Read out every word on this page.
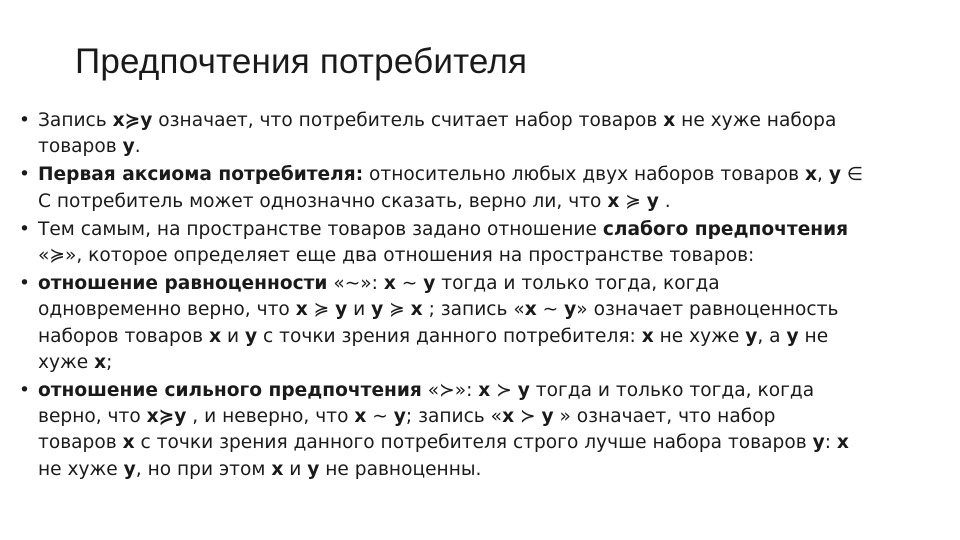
Предпочтения потребителя
• Запись x≽y означает, что потребитель считает набор товаров x не хуже набора
товаров y.
• Первая аксиома потребителя: относительно любых двух наборов товаров x, y ∈
С потребитель может однозначно сказать, верно ли, что x ≽ y .
• Тем самым, на пространстве товаров задано отношение слабого предпочтения
«≽», которое определяет еще два отношения на пространстве товаров:
• отношение равноценности «∼»: x ∼ y тогда и только тогда, когда
одновременно верно, что x ≽ y и y ≽ x ; запись «x ∼ y» означает равноценность
наборов товаров x и y с точки зрения данного потребителя: x не хуже y, а y не
хуже x;
• отношение сильного предпочтения «≻»: x ≻ y тогда и только тогда, когда
верно, что x≽y , и неверно, что x ∼ y; запись «x ≻ y » означает, что набор
товаров x с точки зрения данного потребителя строго лучше набора товаров y: x
не хуже y, но при этом x и y не равноценны.
